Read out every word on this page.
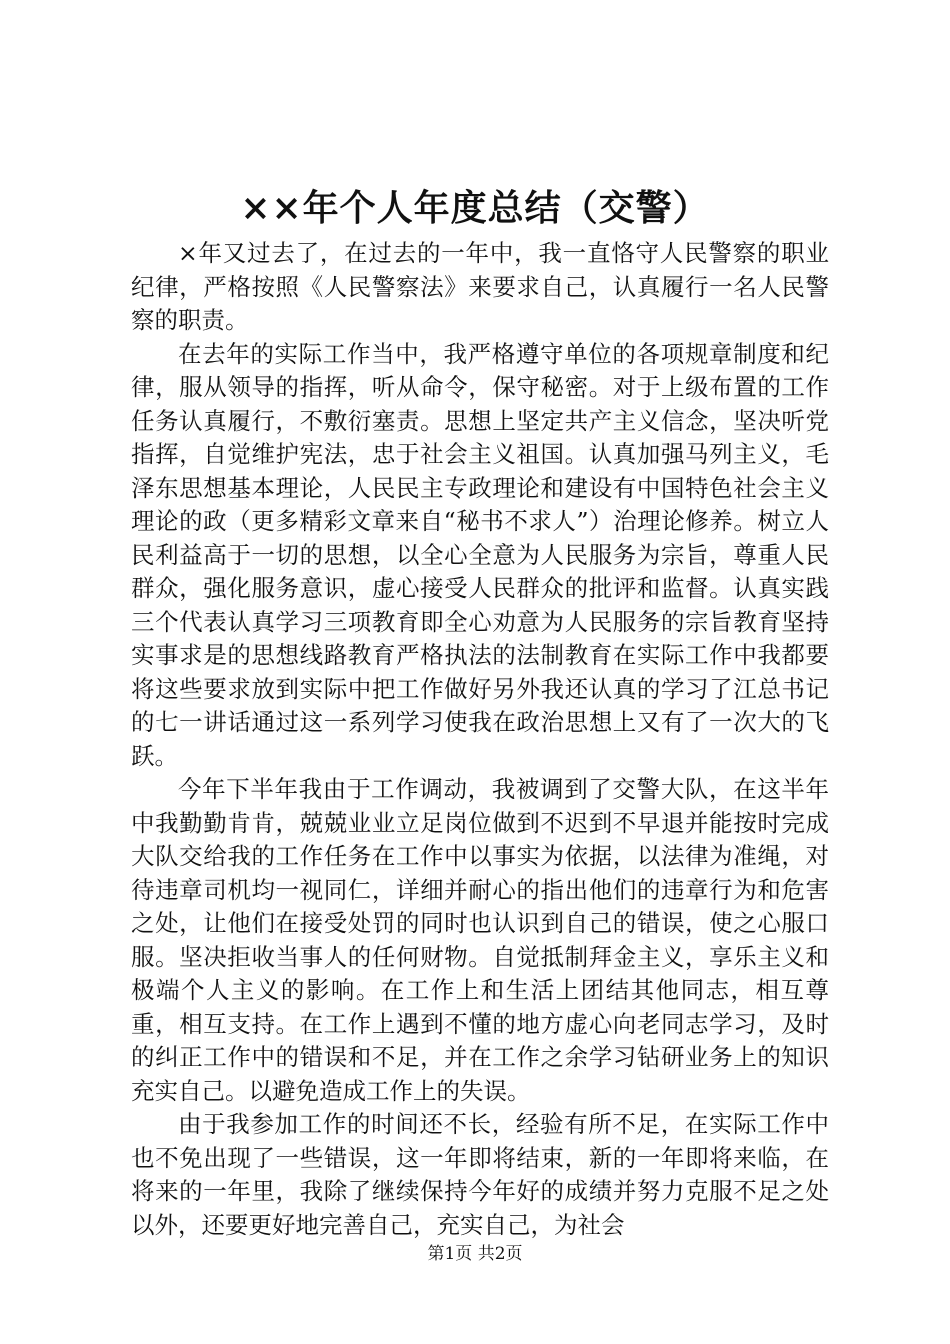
××年个人年度总结（交警）

×年又过去了，在过去的一年中，我一直恪守人民警察的职业纪律，严格按照《人民警察法》来要求自己，认真履行一名人民警察的职责。

在去年的实际工作当中，我严格遵守单位的各项规章制度和纪律，服从领导的指挥，听从命令，保守秘密。对于上级布置的工作任务认真履行，不敷衍塞责。思想上坚定共产主义信念，坚决听党指挥，自觉维护宪法，忠于社会主义祖国。认真加强马列主义，毛泽东思想基本理论，人民民主专政理论和建设有中国特色社会主义理论的政（更多精彩文章来自“秘书不求人”）治理论修养。树立人民利益高于一切的思想，以全心全意为人民服务为宗旨，尊重人民群众，强化服务意识，虚心接受人民群众的批评和监督。认真实践三个代表认真学习三项教育即全心劝意为人民服务的宗旨教育坚持实事求是的思想线路教育严格执法的法制教育在实际工作中我都要将这些要求放到实际中把工作做好另外我还认真的学习了江总书记的七一讲话通过这一系列学习使我在政治思想上又有了一次大的飞跃。

今年下半年我由于工作调动，我被调到了交警大队，在这半年中我勤勤肯肯，兢兢业业立足岗位做到不迟到不早退并能按时完成大队交给我的工作任务在工作中以事实为依据，以法律为准绳，对待违章司机均一视同仁，详细并耐心的指出他们的违章行为和危害之处，让他们在接受处罚的同时也认识到自己的错误，使之心服口服。坚决拒收当事人的任何财物。自觉抵制拜金主义，享乐主义和极端个人主义的影响。在工作上和生活上团结其他同志，相互尊重，相互支持。在工作上遇到不懂的地方虚心向老同志学习，及时的纠正工作中的错误和不足，并在工作之余学习钻研业务上的知识充实自己。以避免造成工作上的失误。

由于我参加工作的时间还不长，经验有所不足，在实际工作中也不免出现了一些错误，这一年即将结束，新的一年即将来临，在将来的一年里，我除了继续保持今年好的成绩并努力克服不足之处以外，还要更好地完善自己，充实自己，为社会

第1页 共2页
